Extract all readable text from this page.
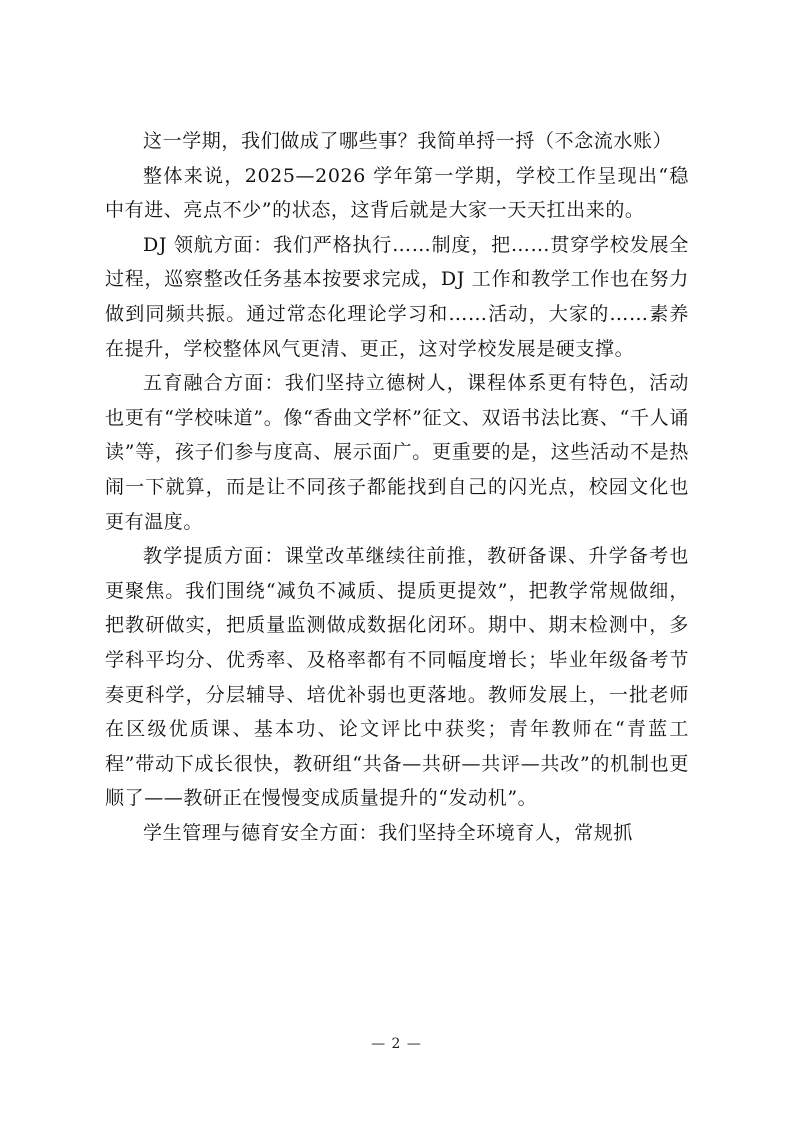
这一学期，我们做成了哪些事？我简单捋一捋（不念流水账）

整体来说，2025—2026 学年第一学期，学校工作呈现出“稳中有进、亮点不少”的状态，这背后就是大家一天天扛出来的。

DJ 领航方面：我们严格执行……制度，把……贯穿学校发展全过程，巡察整改任务基本按要求完成，DJ 工作和教学工作也在努力做到同频共振。通过常态化理论学习和……活动，大家的……素养在提升，学校整体风气更清、更正，这对学校发展是硬支撑。

五育融合方面：我们坚持立德树人，课程体系更有特色，活动也更有“学校味道”。像“香曲文学杯”征文、双语书法比赛、“千人诵读”等，孩子们参与度高、展示面广。更重要的是，这些活动不是热闹一下就算，而是让不同孩子都能找到自己的闪光点，校园文化也更有温度。

教学提质方面：课堂改革继续往前推，教研备课、升学备考也更聚焦。我们围绕“减负不减质、提质更提效”，把教学常规做细，把教研做实，把质量监测做成数据化闭环。期中、期末检测中，多学科平均分、优秀率、及格率都有不同幅度增长；毕业年级备考节奏更科学，分层辅导、培优补弱也更落地。教师发展上，一批老师在区级优质课、基本功、论文评比中获奖；青年教师在“青蓝工程”带动下成长很快，教研组“共备—共研—共评—共改”的机制也更顺了——教研正在慢慢变成质量提升的“发动机”。

学生管理与德育安全方面：我们坚持全环境育人，常规抓

— 2 —
